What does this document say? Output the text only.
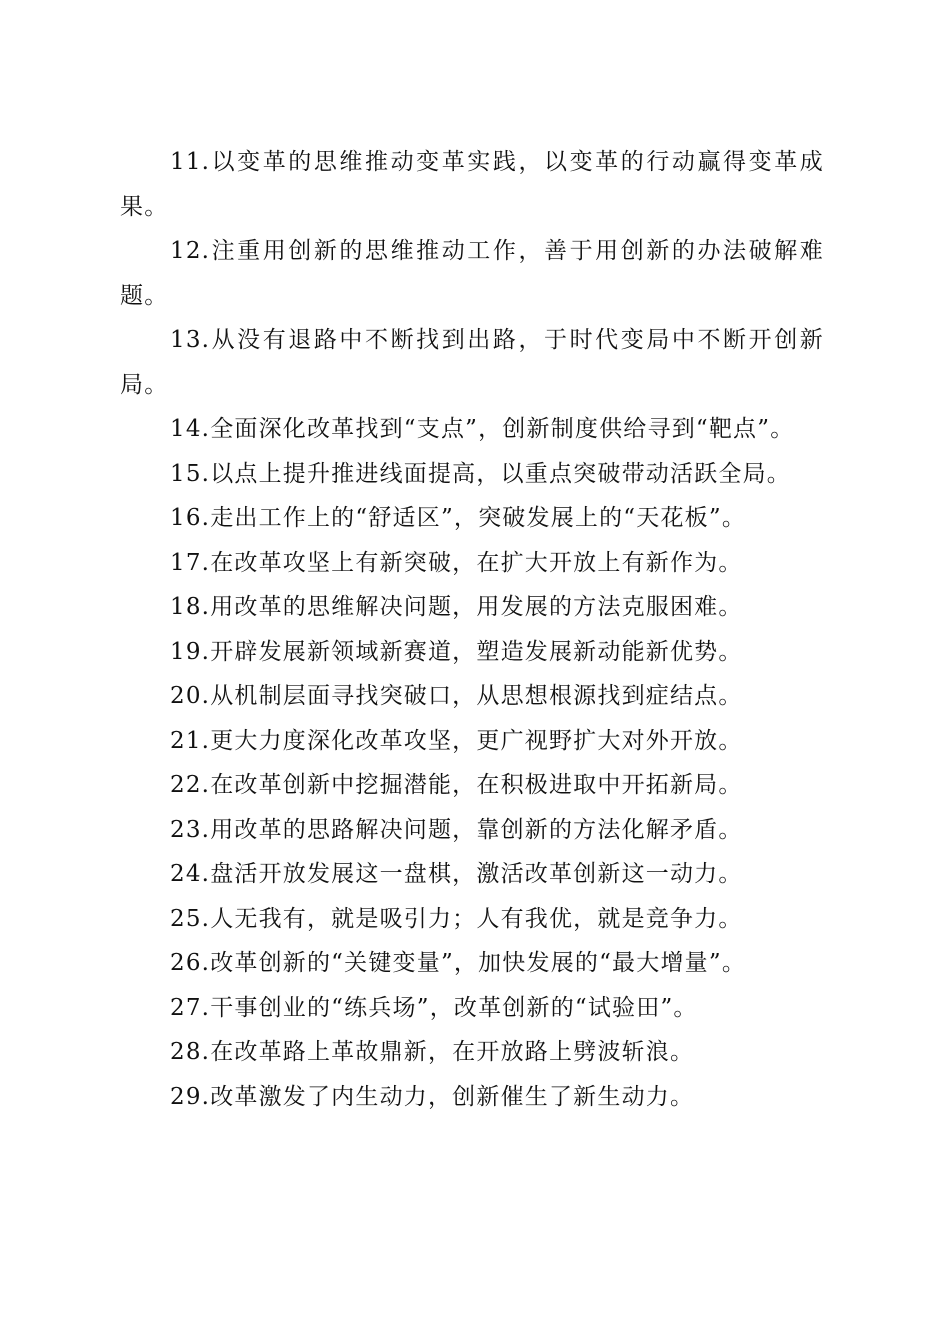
11.以变革的思维推动变革实践，以变革的行动赢得变革成果。

12.注重用创新的思维推动工作，善于用创新的办法破解难题。

13.从没有退路中不断找到出路，于时代变局中不断开创新局。

14.全面深化改革找到“支点”，创新制度供给寻到“靶点”。

15.以点上提升推进线面提高，以重点突破带动活跃全局。

16.走出工作上的“舒适区”，突破发展上的“天花板”。

17.在改革攻坚上有新突破，在扩大开放上有新作为。

18.用改革的思维解决问题，用发展的方法克服困难。

19.开辟发展新领域新赛道，塑造发展新动能新优势。

20.从机制层面寻找突破口，从思想根源找到症结点。

21.更大力度深化改革攻坚，更广视野扩大对外开放。

22.在改革创新中挖掘潜能，在积极进取中开拓新局。

23.用改革的思路解决问题，靠创新的方法化解矛盾。

24.盘活开放发展这一盘棋，激活改革创新这一动力。

25.人无我有，就是吸引力；人有我优，就是竞争力。

26.改革创新的“关键变量”，加快发展的“最大增量”。

27.干事创业的“练兵场”，改革创新的“试验田”。

28.在改革路上革故鼎新，在开放路上劈波斩浪。

29.改革激发了内生动力，创新催生了新生动力。
